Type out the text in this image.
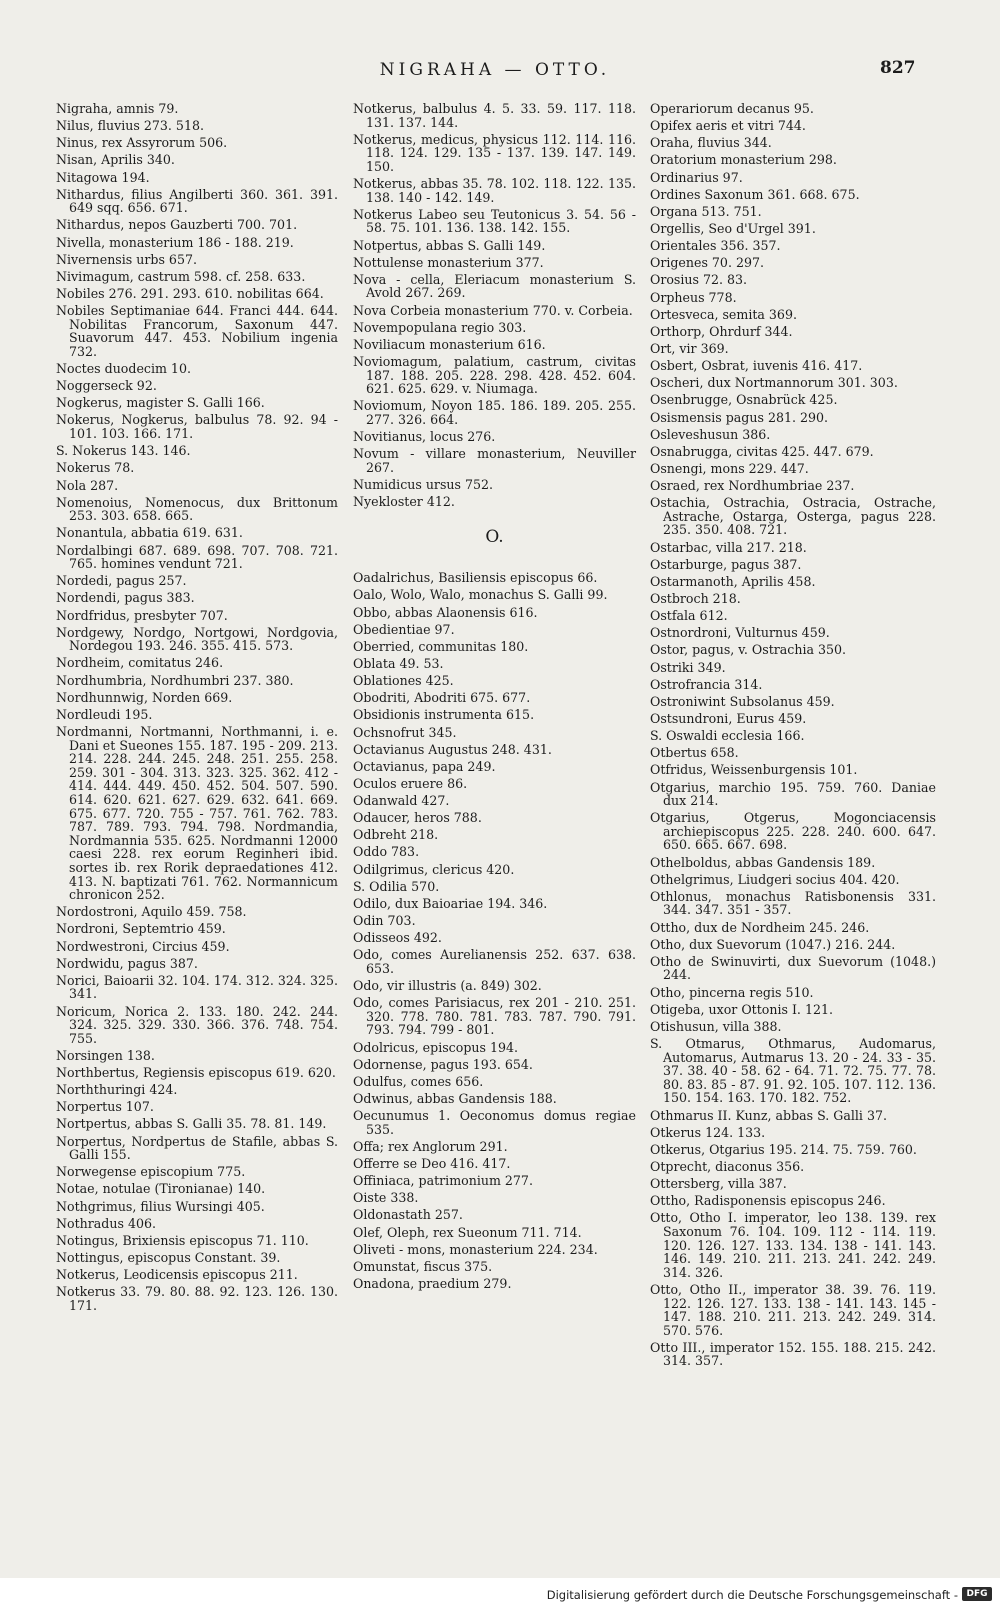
NIGRAHA — OTTO.	827
Nigraha, amnis 79.
Nilus, fluvius 273. 518.
Ninus, rex Assyrorum 506.
Nisan, Aprilis 340.
Nitagowa 194.
Nithardus, filius Angilberti 360. 361. 391. 649 sqq. 656. 671.
Nithardus, nepos Gauzberti 700. 701.
Nivella, monasterium 186 - 188. 219.
Nivernensis urbs 657.
Nivimagum, castrum 598. cf. 258. 633.
Nobiles 276. 291. 293. 610. nobilitas 664.
Nobiles Septimaniae 644. Franci 444. 644. Nobilitas Francorum, Saxonum 447. Suavorum 447. 453. Nobilium ingenia 732.
Noctes duodecim 10.
Noggerseck 92.
Nogkerus, magister S. Galli 166.
Nokerus, Nogkerus, balbulus 78. 92. 94 - 101. 103. 166. 171.
S. Nokerus 143. 146.
Nokerus 78.
Nola 287.
Nomenoius, Nomenocus, dux Brittonum 253. 303. 658. 665.
Nonantula, abbatia 619. 631.
Nordalbingi 687. 689. 698. 707. 708. 721. 765. homines vendunt 721.
Nordedi, pagus 257.
Nordendi, pagus 383.
Nordfridus, presbyter 707.
Nordgewy, Nordgo, Nortgowi, Nordgovia, Nordegou 193. 246. 355. 415. 573.
Nordheim, comitatus 246.
Nordhumbria, Nordhumbri 237. 380.
Nordhunnwig, Norden 669.
Nordleudi 195.
Nordmanni, Nortmanni, Northmanni, i. e. Dani et Sueones 155. 187. 195 - 209. 213. 214. 228. 244. 245. 248. 251. 255. 258. 259. 301 - 304. 313. 323. 325. 362. 412 - 414. 444. 449. 450. 452. 504. 507. 590. 614. 620. 621. 627. 629. 632. 641. 669. 675. 677. 720. 755 - 757. 761. 762. 783. 787. 789. 793. 794. 798. Nordmandia, Nordmannia 535. 625. Nordmanni 12000 caesi 228. rex eorum Reginheri ibid. sortes ib. rex Rorik depraedationes 412. 413. N. baptizati 761. 762. Normannicum chronicon 252.
Nordostroni, Aquilo 459. 758.
Nordroni, Septemtrio 459.
Nordwestroni, Circius 459.
Nordwidu, pagus 387.
Norici, Baioarii 32. 104. 174. 312. 324. 325. 341.
Noricum, Norica 2. 133. 180. 242. 244. 324. 325. 329. 330. 366. 376. 748. 754. 755.
Norsingen 138.
Northbertus, Regiensis episcopus 619. 620.
Norththuringi 424.
Norpertus 107.
Nortpertus, abbas S. Galli 35. 78. 81. 149.
Norpertus, Nordpertus de Stafile, abbas S. Galli 155.
Norwegense episcopium 775.
Notae, notulae (Tironianae) 140.
Nothgrimus, filius Wursingi 405.
Nothradus 406.
Notingus, Brixiensis episcopus 71. 110.
Nottingus, episcopus Constant. 39.
Notkerus, Leodicensis episcopus 211.
Notkerus 33. 79. 80. 88. 92. 123. 126. 130. 171.
Notkerus, balbulus 4. 5. 33. 59. 117. 118. 131. 137. 144.
Notkerus, medicus, physicus 112. 114. 116. 118. 124. 129. 135 - 137. 139. 147. 149. 150.
Notkerus, abbas 35. 78. 102. 118. 122. 135. 138. 140 - 142. 149.
Notkerus Labeo seu Teutonicus 3. 54. 56 - 58. 75. 101. 136. 138. 142. 155.
Notpertus, abbas S. Galli 149.
Nottulense monasterium 377.
Nova - cella, Eleriacum monasterium S. Avold 267. 269.
Nova Corbeia monasterium 770. v. Corbeia.
Novempopulana regio 303.
Noviliacum monasterium 616.
Noviomagum, palatium, castrum, civitas 187. 188. 205. 228. 298. 428. 452. 604. 621. 625. 629. v. Niumaga.
Noviomum, Noyon 185. 186. 189. 205. 255. 277. 326. 664.
Novitianus, locus 276.
Novum - villare monasterium, Neuviller 267.
Numidicus ursus 752.
Nyekloster 412.
O.
Oadalrichus, Basiliensis episcopus 66.
Oalo, Wolo, Walo, monachus S. Galli 99.
Obbo, abbas Alaonensis 616.
Obedientiae 97.
Oberried, communitas 180.
Oblata 49. 53.
Oblationes 425.
Obodriti, Abodriti 675. 677.
Obsidionis instrumenta 615.
Ochsnofrut 345.
Octavianus Augustus 248. 431.
Octavianus, papa 249.
Oculos eruere 86.
Odanwald 427.
Odaucer, heros 788.
Odbreht 218.
Oddo 783.
Odilgrimus, clericus 420.
S. Odilia 570.
Odilo, dux Baioariae 194. 346.
Odin 703.
Odisseos 492.
Odo, comes Aurelianensis 252. 637. 638. 653.
Odo, vir illustris (a. 849) 302.
Odo, comes Parisiacus, rex 201 - 210. 251. 320. 778. 780. 781. 783. 787. 790. 791. 793. 794. 799 - 801.
Odolricus, episcopus 194.
Odornense, pagus 193. 654.
Odulfus, comes 656.
Odwinus, abbas Gandensis 188.
Oecunumus 1. Oeconomus domus regiae 535.
Offa; rex Anglorum 291.
Offerre se Deo 416. 417.
Offiniaca, patrimonium 277.
Oiste 338.
Oldonastath 257.
Olef, Oleph, rex Sueonum 711. 714.
Oliveti - mons, monasterium 224. 234.
Omunstat, fiscus 375.
Onadona, praedium 279.
Operariorum decanus 95.
Opifex aeris et vitri 744.
Oraha, fluvius 344.
Oratorium monasterium 298.
Ordinarius 97.
Ordines Saxonum 361. 668. 675.
Organa 513. 751.
Orgellis, Seo d'Urgel 391.
Orientales 356. 357.
Origenes 70. 297.
Orosius 72. 83.
Orpheus 778.
Ortesveca, semita 369.
Orthorp, Ohrdurf 344.
Ort, vir 369.
Osbert, Osbrat, iuvenis 416. 417.
Oscheri, dux Nortmannorum 301. 303.
Osenbrugge, Osnabrück 425.
Osismensis pagus 281. 290.
Osleveshusun 386.
Osnabrugga, civitas 425. 447. 679.
Osnengi, mons 229. 447.
Osraed, rex Nordhumbriae 237.
Ostachia, Ostrachia, Ostracia, Ostrache, Astrache, Ostarga, Osterga, pagus 228. 235. 350. 408. 721.
Ostarbac, villa 217. 218.
Ostarburge, pagus 387.
Ostarmanoth, Aprilis 458.
Ostbroch 218.
Ostfala 612.
Ostnordroni, Vulturnus 459.
Ostor, pagus, v. Ostrachia 350.
Ostriki 349.
Ostrofrancia 314.
Ostroniwint Subsolanus 459.
Ostsundroni, Eurus 459.
S. Oswaldi ecclesia 166.
Otbertus 658.
Otfridus, Weissenburgensis 101.
Otgarius, marchio 195. 759. 760. Daniae dux 214.
Otgarius, Otgerus, Mogonciacensis archiepiscopus 225. 228. 240. 600. 647. 650. 665. 667. 698.
Othelboldus, abbas Gandensis 189.
Othelgrimus, Liudgeri socius 404. 420.
Othlonus, monachus Ratisbonensis 331. 344. 347. 351 - 357.
Ottho, dux de Nordheim 245. 246.
Otho, dux Suevorum (1047.) 216. 244.
Otho de Swinuvirti, dux Suevorum (1048.) 244.
Otho, pincerna regis 510.
Otigeba, uxor Ottonis I. 121.
Otishusun, villa 388.
S. Otmarus, Othmarus, Audomarus, Automarus, Autmarus 13. 20 - 24. 33 - 35. 37. 38. 40 - 58. 62 - 64. 71. 72. 75. 77. 78. 80. 83. 85 - 87. 91. 92. 105. 107. 112. 136. 150. 154. 163. 170. 182. 752.
Othmarus II. Kunz, abbas S. Galli 37.
Otkerus 124. 133.
Otkerus, Otgarius 195. 214. 75. 759. 760.
Otprecht, diaconus 356.
Ottersberg, villa 387.
Ottho, Radisponensis episcopus 246.
Otto, Otho I. imperator, leo 138. 139. rex Saxonum 76. 104. 109. 112 - 114. 119. 120. 126. 127. 133. 134. 138 - 141. 143. 146. 149. 210. 211. 213. 241. 242. 249. 314. 326.
Otto, Otho II., imperator 38. 39. 76. 119. 122. 126. 127. 133. 138 - 141. 143. 145 - 147. 188. 210. 211. 213. 242. 249. 314. 570. 576.
Otto III., imperator 152. 155. 188. 215. 242. 314. 357.
Digitalisierung gefördert durch die Deutsche Forschungsgemeinschaft - DFG
